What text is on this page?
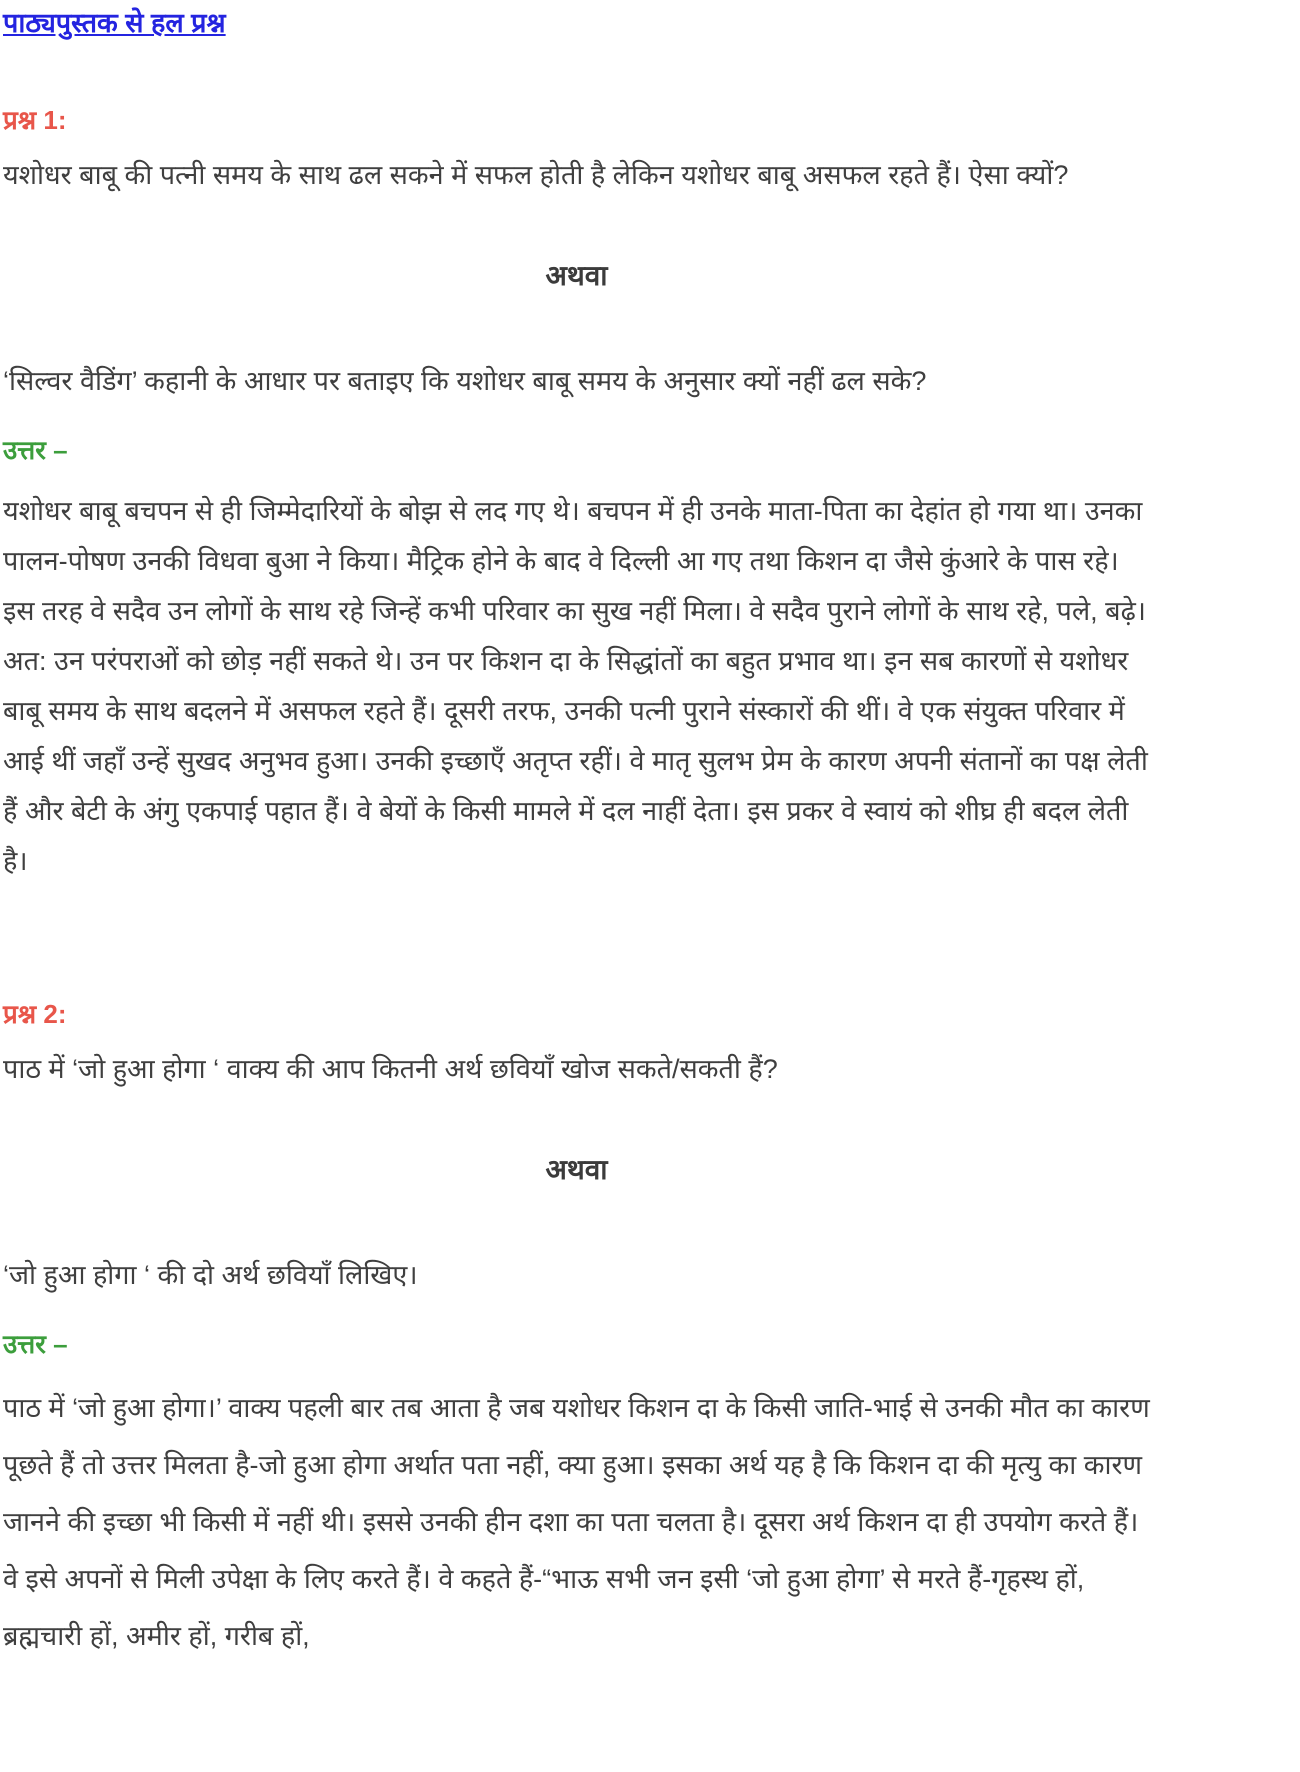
पाठ्यपुस्तक से हल प्रश्न
प्रश्न 1:

यशोधर बाबू की पत्नी समय के साथ ढल सकने में सफल होती है लेकिन यशोधर बाबू असफल रहते हैं। ऐसा क्यों?

अथवा

‘सिल्वर वैडिंग’ कहानी के आधार पर बताइए कि यशोधर बाबू समय के अनुसार क्यों नहीं ढल सके?

उत्तर –

यशोधर बाबू बचपन से ही जिम्मेदारियों के बोझ से लद गए थे। बचपन में ही उनके माता-पिता का देहांत हो गया था। उनका पालन-पोषण उनकी विधवा बुआ ने किया। मैट्रिक होने के बाद वे दिल्ली आ गए तथा किशन दा जैसे कुंआरे के पास रहे। इस तरह वे सदैव उन लोगों के साथ रहे जिन्हें कभी परिवार का सुख नहीं मिला। वे सदैव पुराने लोगों के साथ रहे, पले, बढ़े। अत: उन परंपराओं को छोड़ नहीं सकते थे। उन पर किशन दा के सिद्धांतों का बहुत प्रभाव था। इन सब कारणों से यशोधर बाबू समय के साथ बदलने में असफल रहते हैं। दूसरी तरफ, उनकी पत्नी पुराने संस्कारों की थीं। वे एक संयुक्त परिवार में आई थीं जहाँ उन्हें सुखद अनुभव हुआ। उनकी इच्छाएँ अतृप्त रहीं। वे मातृ सुलभ प्रेम के कारण अपनी संतानों का पक्ष लेती हैं और बेटी के अंगु एकपाई पहात हैं। वे बेयों के किसी मामले में दल नाहीं देता। इस प्रकर वे स्वायं को शीघ्र ही बदल लेती है।

प्रश्न 2:

पाठ में ‘जो हुआ होगा ‘ वाक्य की आप कितनी अर्थ छवियाँ खोज सकते/सकती हैं?

अथवा

‘जो हुआ होगा ‘ की दो अर्थ छवियाँ लिखिए।

उत्तर –

पाठ में ‘जो हुआ होगा।’ वाक्य पहली बार तब आता है जब यशोधर किशन दा के किसी जाति-भाई से उनकी मौत का कारण पूछते हैं तो उत्तर मिलता है-जो हुआ होगा अर्थात पता नहीं, क्या हुआ। इसका अर्थ यह है कि किशन दा की मृत्यु का कारण जानने की इच्छा भी किसी में नहीं थी। इससे उनकी हीन दशा का पता चलता है। दूसरा अर्थ किशन दा ही उपयोग करते हैं। वे इसे अपनों से मिली उपेक्षा के लिए करते हैं। वे कहते हैं-“भाऊ सभी जन इसी ‘जो हुआ होगा’ से मरते हैं-गृहस्थ हों, ब्रह्मचारी हों, अमीर हों, गरीब हों,
